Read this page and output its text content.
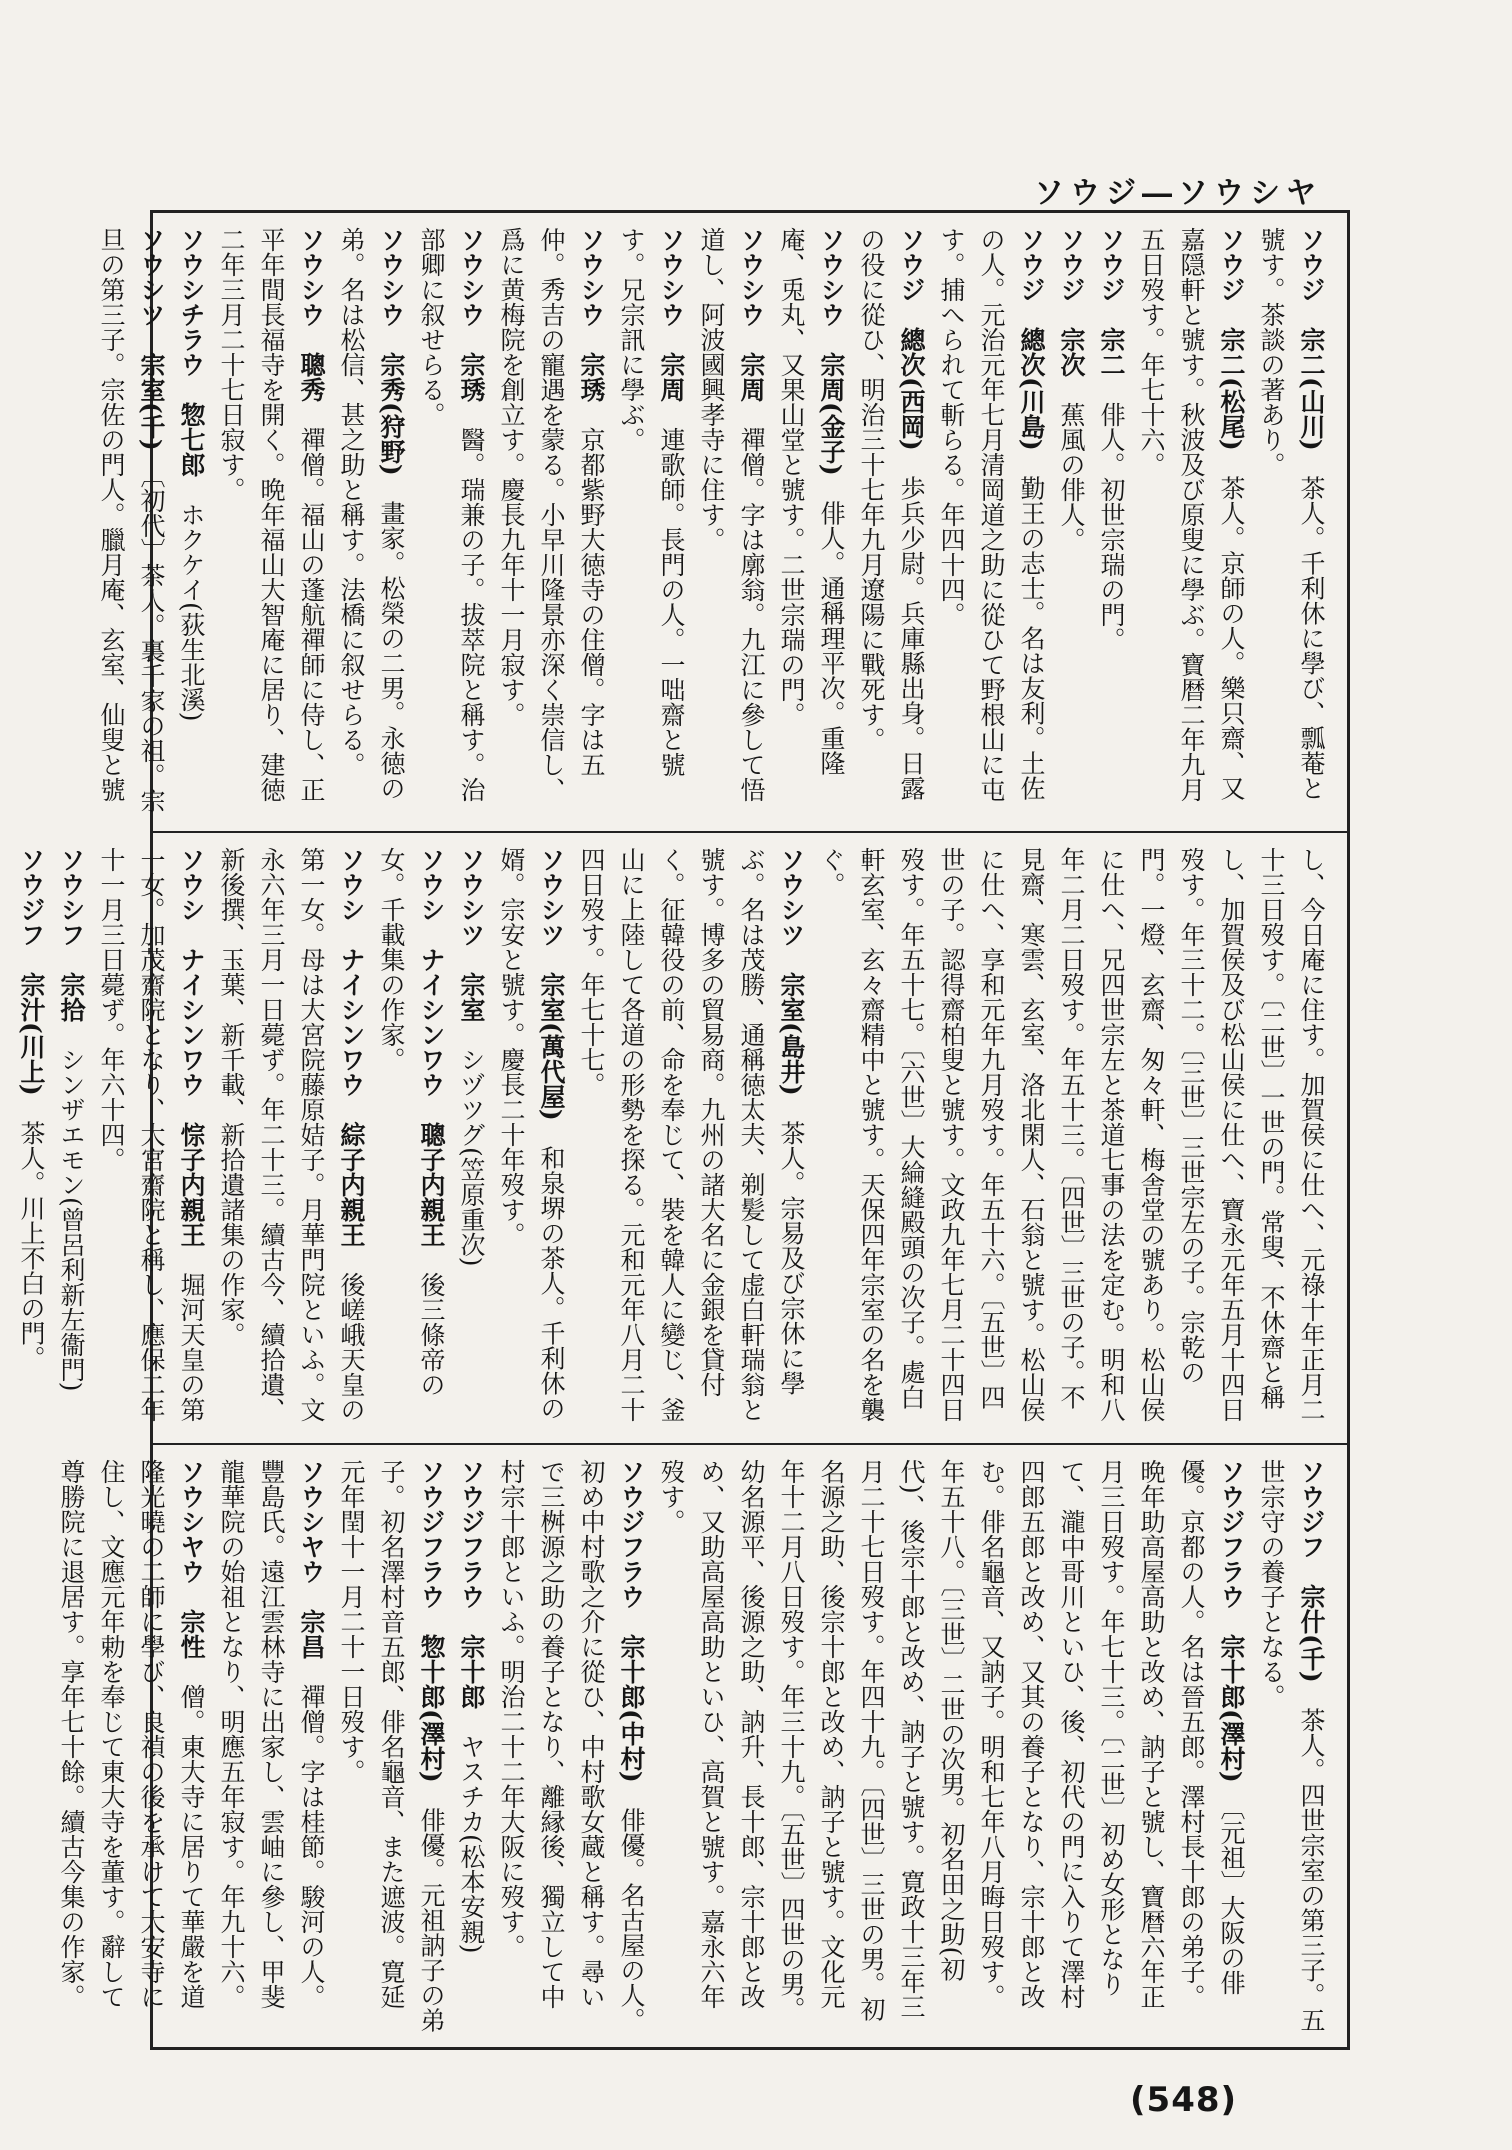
ソウジ―ソウシヤ

ソウジ　宗二(山川)　茶人。千利休に學び、瓢菴と號す。茶談の著あり。

ソウジ　宗二(松尾)　茶人。京師の人。樂只齋、又嘉隠軒と號す。秋波及び原叟に學ぶ。寶暦二年九月五日歿す。年七十六。

ソウジ　宗二　俳人。初世宗瑞の門。

ソウジ　宗次　蕉風の俳人。

ソウジ　總次(川島)　勤王の志士。名は友利。土佐の人。元治元年七月清岡道之助に從ひて野根山に屯す。捕へられて斬らる。年四十四。

ソウジ　總次(西岡)　歩兵少尉。兵庫縣出身。日露の役に從ひ、明治三十七年九月遼陽に戰死す。

ソウシウ　宗周(金子)　俳人。通稱理平次。重隆庵、兎丸、又果山堂と號す。二世宗瑞の門。

ソウシウ　宗周　禪僧。字は廓翁。九江に參して悟道し、阿波國興孝寺に住す。

ソウシウ　宗周　連歌師。長門の人。一咄齋と號す。兄宗訊に學ぶ。

ソウシウ　宗琇　京都紫野大徳寺の住僧。字は五仲。秀吉の寵遇を蒙る。小早川隆景亦深く崇信し、爲に黄梅院を創立す。慶長九年十一月寂す。

ソウシウ　宗琇　醫。瑞兼の子。拔萃院と稱す。治部卿に叙せらる。

ソウシウ　宗秀(狩野)　畫家。松榮の二男。永徳の弟。名は松信、甚之助と稱す。法橋に叙せらる。

ソウシウ　聰秀　禪僧。福山の蓬航禪師に侍し、正平年間長福寺を開く。晩年福山大智庵に居り、建徳二年三月二十七日寂す。

ソウシチラウ　惣七郎　ホクケイ(荻生北溪)

ソウシツ　宗室(千)　〔初代〕茶人。裏千家の祖。宗旦の第三子。宗佐の門人。臘月庵、玄室、仙叟と號

し、今日庵に住す。加賀侯に仕へ、元祿十年正月二十三日歿す。〔二世〕一世の門。常叟、不休齋と稱し、加賀侯及び松山侯に仕へ、寶永元年五月十四日歿す。年三十二。〔三世〕三世宗左の子。宗乾の門。一燈、玄齋、匆々軒、梅舎堂の號あり。松山侯に仕へ、兄四世宗左と茶道七事の法を定む。明和八年二月二日歿す。年五十三。〔四世〕三世の子。不見齋、寒雲、玄室、洛北閑人、石翁と號す。松山侯に仕へ、享和元年九月歿す。年五十六。〔五世〕四世の子。認得齋柏叟と號す。文政九年七月二十四日歿す。年五十七。〔六世〕大綸縫殿頭の次子。處白軒玄室、玄々齋精中と號す。天保四年宗室の名を襲ぐ。

ソウシツ　宗室(島井)　茶人。宗易及び宗休に學ぶ。名は茂勝、通稱徳太夫、剃髪して虚白軒瑞翁と號す。博多の貿易商。九州の諸大名に金銀を貸付く。征韓役の前、命を奉じて、裝を韓人に變じ、釜山に上陸して各道の形勢を探る。元和元年八月二十四日歿す。年七十七。

ソウシツ　宗室(萬代屋)　和泉堺の茶人。千利休の婿。宗安と號す。慶長二十年歿す。

ソウシツ　宗室　シヅツグ(笠原重次)

ソウシ　ナイシンワウ　聰子内親王　後三條帝の女。千載集の作家。

ソウシ　ナイシンワウ　綜子内親王　後嵯峨天皇の第一女。母は大宮院藤原姞子。月華門院といふ。文永六年三月一日薨ず。年二十三。續古今、續拾遺、新後撰、玉葉、新千載、新拾遺諸集の作家。

ソウシ　ナイシンワウ　悰子内親王　堀河天皇の第一女。加茂齋院となり、大宮齋院と稱し、應保二年十一月三日薨ず。年六十四。

ソウシフ　宗拾　シンザエモン(曾呂利新左衞門)

ソウジフ　宗汁(川上)　茶人。川上不白の門。

ソウジフ　宗什(千)　茶人。四世宗室の第三子。五世宗守の養子となる。

ソウジフラウ　宗十郎(澤村)　〔元祖〕大阪の俳優。京都の人。名は晉五郎。澤村長十郎の弟子。晩年助高屋高助と改め、訥子と號し、寶暦六年正月三日歿す。年七十三。〔二世〕初め女形となりて、瀧中哥川といひ、後、初代の門に入りて澤村四郎五郎と改め、又其の養子となり、宗十郎と改む。俳名龜音、又訥子。明和七年八月晦日歿す。年五十八。〔三世〕二世の次男。初名田之助(初代)、後宗十郎と改め、訥子と號す。寛政十三年三月二十七日歿す。年四十九。〔四世〕三世の男。初名源之助、後宗十郎と改め、訥子と號す。文化元年十二月八日歿す。年三十九。〔五世〕四世の男。幼名源平、後源之助、訥升、長十郎、宗十郎と改め、又助高屋高助といひ、高賀と號す。嘉永六年歿す。

ソウジフラウ　宗十郎(中村)　俳優。名古屋の人。初め中村歌之介に從ひ、中村歌女蔵と稱す。尋いで三桝源之助の養子となり、離縁後、獨立して中村宗十郎といふ。明治二十二年大阪に歿す。

ソウジフラウ　宗十郎　ヤスチカ(松本安親)

ソウジフラウ　惣十郎(澤村)　俳優。元祖訥子の弟子。初名澤村音五郎、俳名龜音、また遮波。寛延元年閏十一月二十一日歿す。

ソウシヤウ　宗昌　禪僧。字は桂節。駿河の人。豐島氏。遠江雲林寺に出家し、雲岫に參し、甲斐龍華院の始祖となり、明應五年寂す。年九十六。

ソウシヤウ　宗性　僧。東大寺に居りて華嚴を道隆光曉の二師に學び、良禎の後を承けて大安寺に住し、文應元年勅を奉じて東大寺を董す。辭して尊勝院に退居す。享年七十餘。續古今集の作家。

(548)
